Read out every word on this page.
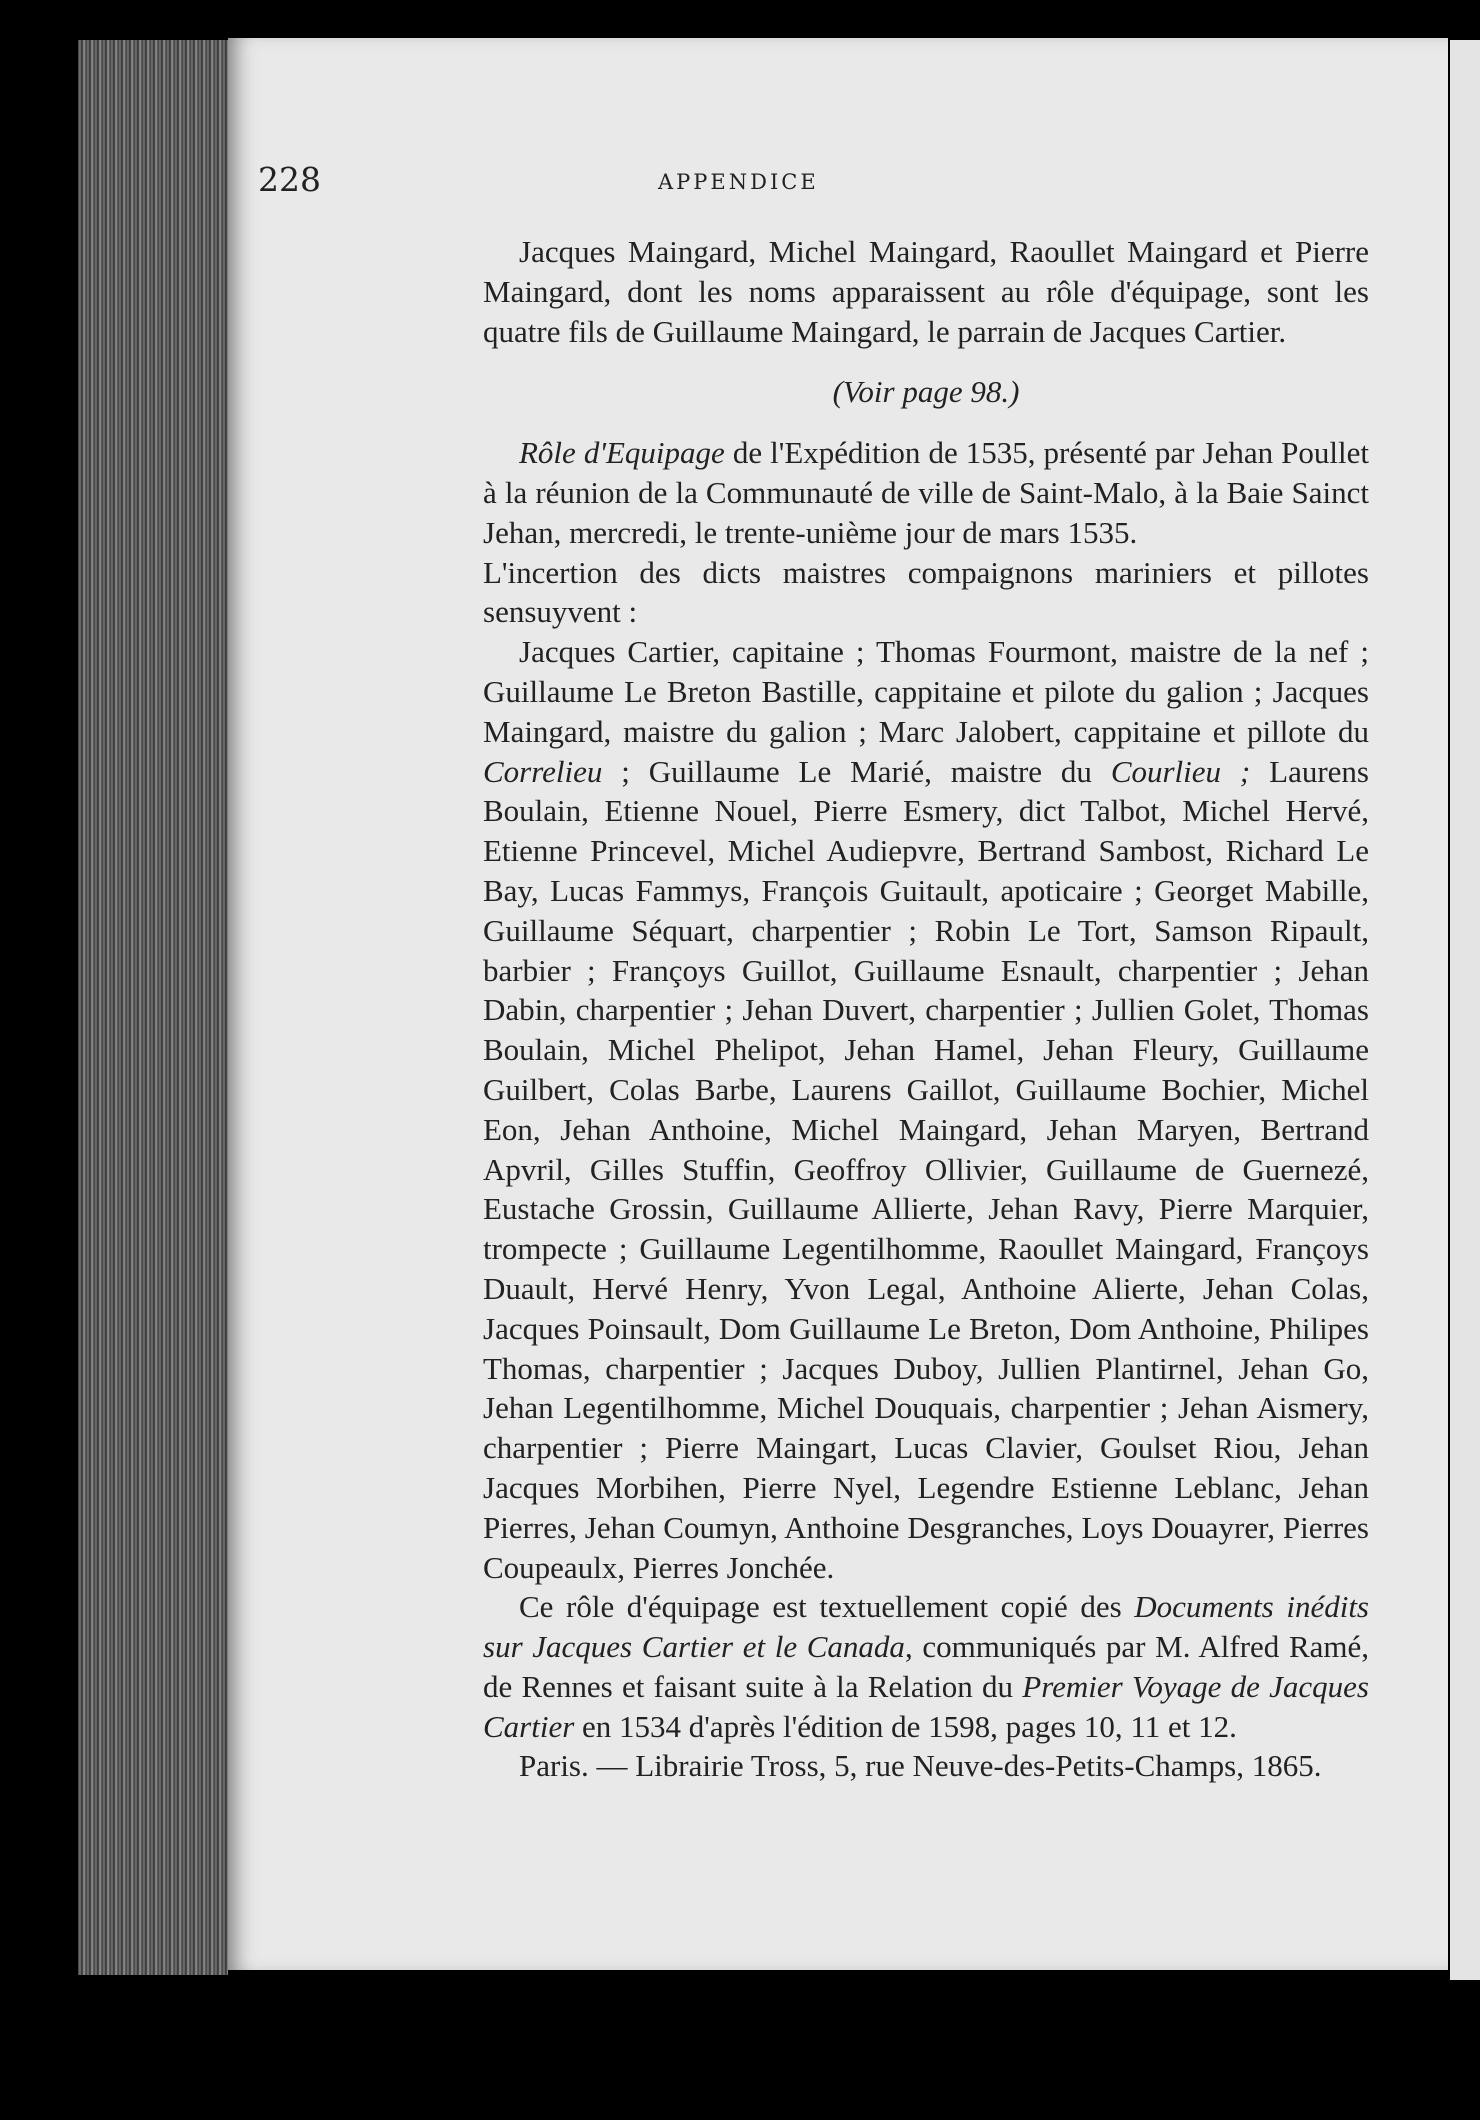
228	APPENDICE

Jacques Maingard, Michel Maingard, Raoullet Maingard et Pierre Maingard, dont les noms apparaissent au rôle d'équipage, sont les quatre fils de Guillaume Maingard, le parrain de Jacques Cartier.

(Voir page 98.)

Rôle d'Equipage de l'Expédition de 1535, présenté par Jehan Poullet à la réunion de la Communauté de ville de Saint-Malo, à la Baie Sainct Jehan, mercredi, le trente-unième jour de mars 1535.

L'incertion des dicts maistres compaignons mariniers et pillotes sensuyvent :

Jacques Cartier, capitaine ; Thomas Fourmont, maistre de la nef ; Guillaume Le Breton Bastille, cappitaine et pilote du galion ; Jacques Maingard, maistre du galion ; Marc Jalobert, cappitaine et pillote du Correlieu ; Guillaume Le Marié, maistre du Courlieu ; Laurens Boulain, Etienne Nouel, Pierre Esmery, dict Talbot, Michel Hervé, Etienne Princevel, Michel Audiepvre, Bertrand Sambost, Richard Le Bay, Lucas Fammys, François Guitault, apoticaire ; Georget Mabille, Guillaume Séquart, charpentier ; Robin Le Tort, Samson Ripault, barbier ; Françoys Guillot, Guillaume Esnault, charpentier ; Jehan Dabin, charpentier ; Jehan Duvert, charpentier ; Jullien Golet, Thomas Boulain, Michel Phelipot, Jehan Hamel, Jehan Fleury, Guillaume Guilbert, Colas Barbe, Laurens Gaillot, Guillaume Bochier, Michel Eon, Jehan Anthoine, Michel Maingard, Jehan Maryen, Bertrand Apvril, Gilles Stuffin, Geoffroy Ollivier, Guillaume de Guernezé, Eustache Grossin, Guillaume Allierte, Jehan Ravy, Pierre Marquier, trompecte ; Guillaume Legentilhomme, Raoullet Maingard, Françoys Duault, Hervé Henry, Yvon Legal, Anthoine Alierte, Jehan Colas, Jacques Poinsault, Dom Guillaume Le Breton, Dom Anthoine, Philipes Thomas, charpentier ; Jacques Duboy, Jullien Plantirnel, Jehan Go, Jehan Legentilhomme, Michel Douquais, charpentier ; Jehan Aismery, charpentier ; Pierre Maingart, Lucas Clavier, Goulset Riou, Jehan Jacques Morbihen, Pierre Nyel, Legendre Estienne Leblanc, Jehan Pierres, Jehan Coumyn, Anthoine Desgranches, Loys Douayrer, Pierres Coupeaulx, Pierres Jonchée.

Ce rôle d'équipage est textuellement copié des Documents inédits sur Jacques Cartier et le Canada, communiqués par M. Alfred Ramé, de Rennes et faisant suite à la Relation du Premier Voyage de Jacques Cartier en 1534 d'après l'édition de 1598, pages 10, 11 et 12.

Paris. — Librairie Tross, 5, rue Neuve-des-Petits-Champs, 1865.
